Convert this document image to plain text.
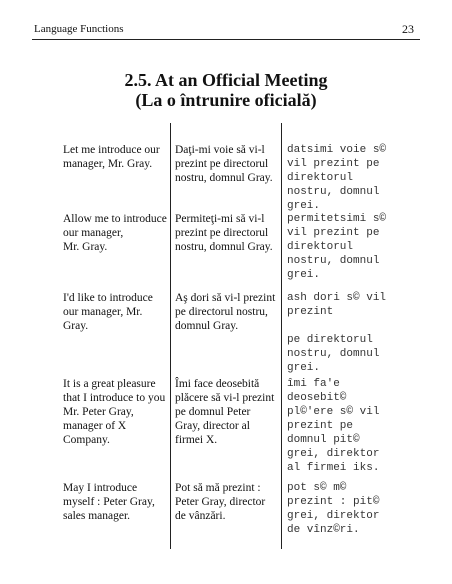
Language Functions	23
2.5. At an Official Meeting
(La o întrunire oficială)
Let me introduce our
manager, Mr. Gray.
Daţi-mi voie să vi-l
prezint pe directorul
nostru, domnul Gray.
datsimi voie s©
vil prezint pe
direktorul
nostru, domnul
grei.
Allow me to introduce
our manager,
Mr. Gray.
Permiteţi-mi să vi-l
prezint pe directorul
nostru, domnul Gray.
permitetsimi s©
vil prezint pe
direktorul
nostru, domnul
grei.
I'd like to introduce
our manager, Mr.
Gray.
Aş dori să vi-l prezint
pe directorul nostru,
domnul Gray.
ash dori s© vil
prezint

pe direktorul
nostru, domnul
grei.
It is a great pleasure
that I introduce to you
Mr. Peter Gray,
manager of X
Company.
Îmi face deosebită
plăcere să vi-l prezint
pe domnul Peter
Gray, director al
firmei X.
îmi fa'e
deosebit©
pl©'ere s© vil
prezint pe
domnul pit©
grei, direktor
al firmei iks.
May I introduce
myself : Peter Gray,
sales manager.
Pot să mă prezint :
Peter Gray, director
de vânzări.
pot s© m©
prezint : pit©
grei, direktor
de vînz©ri.
